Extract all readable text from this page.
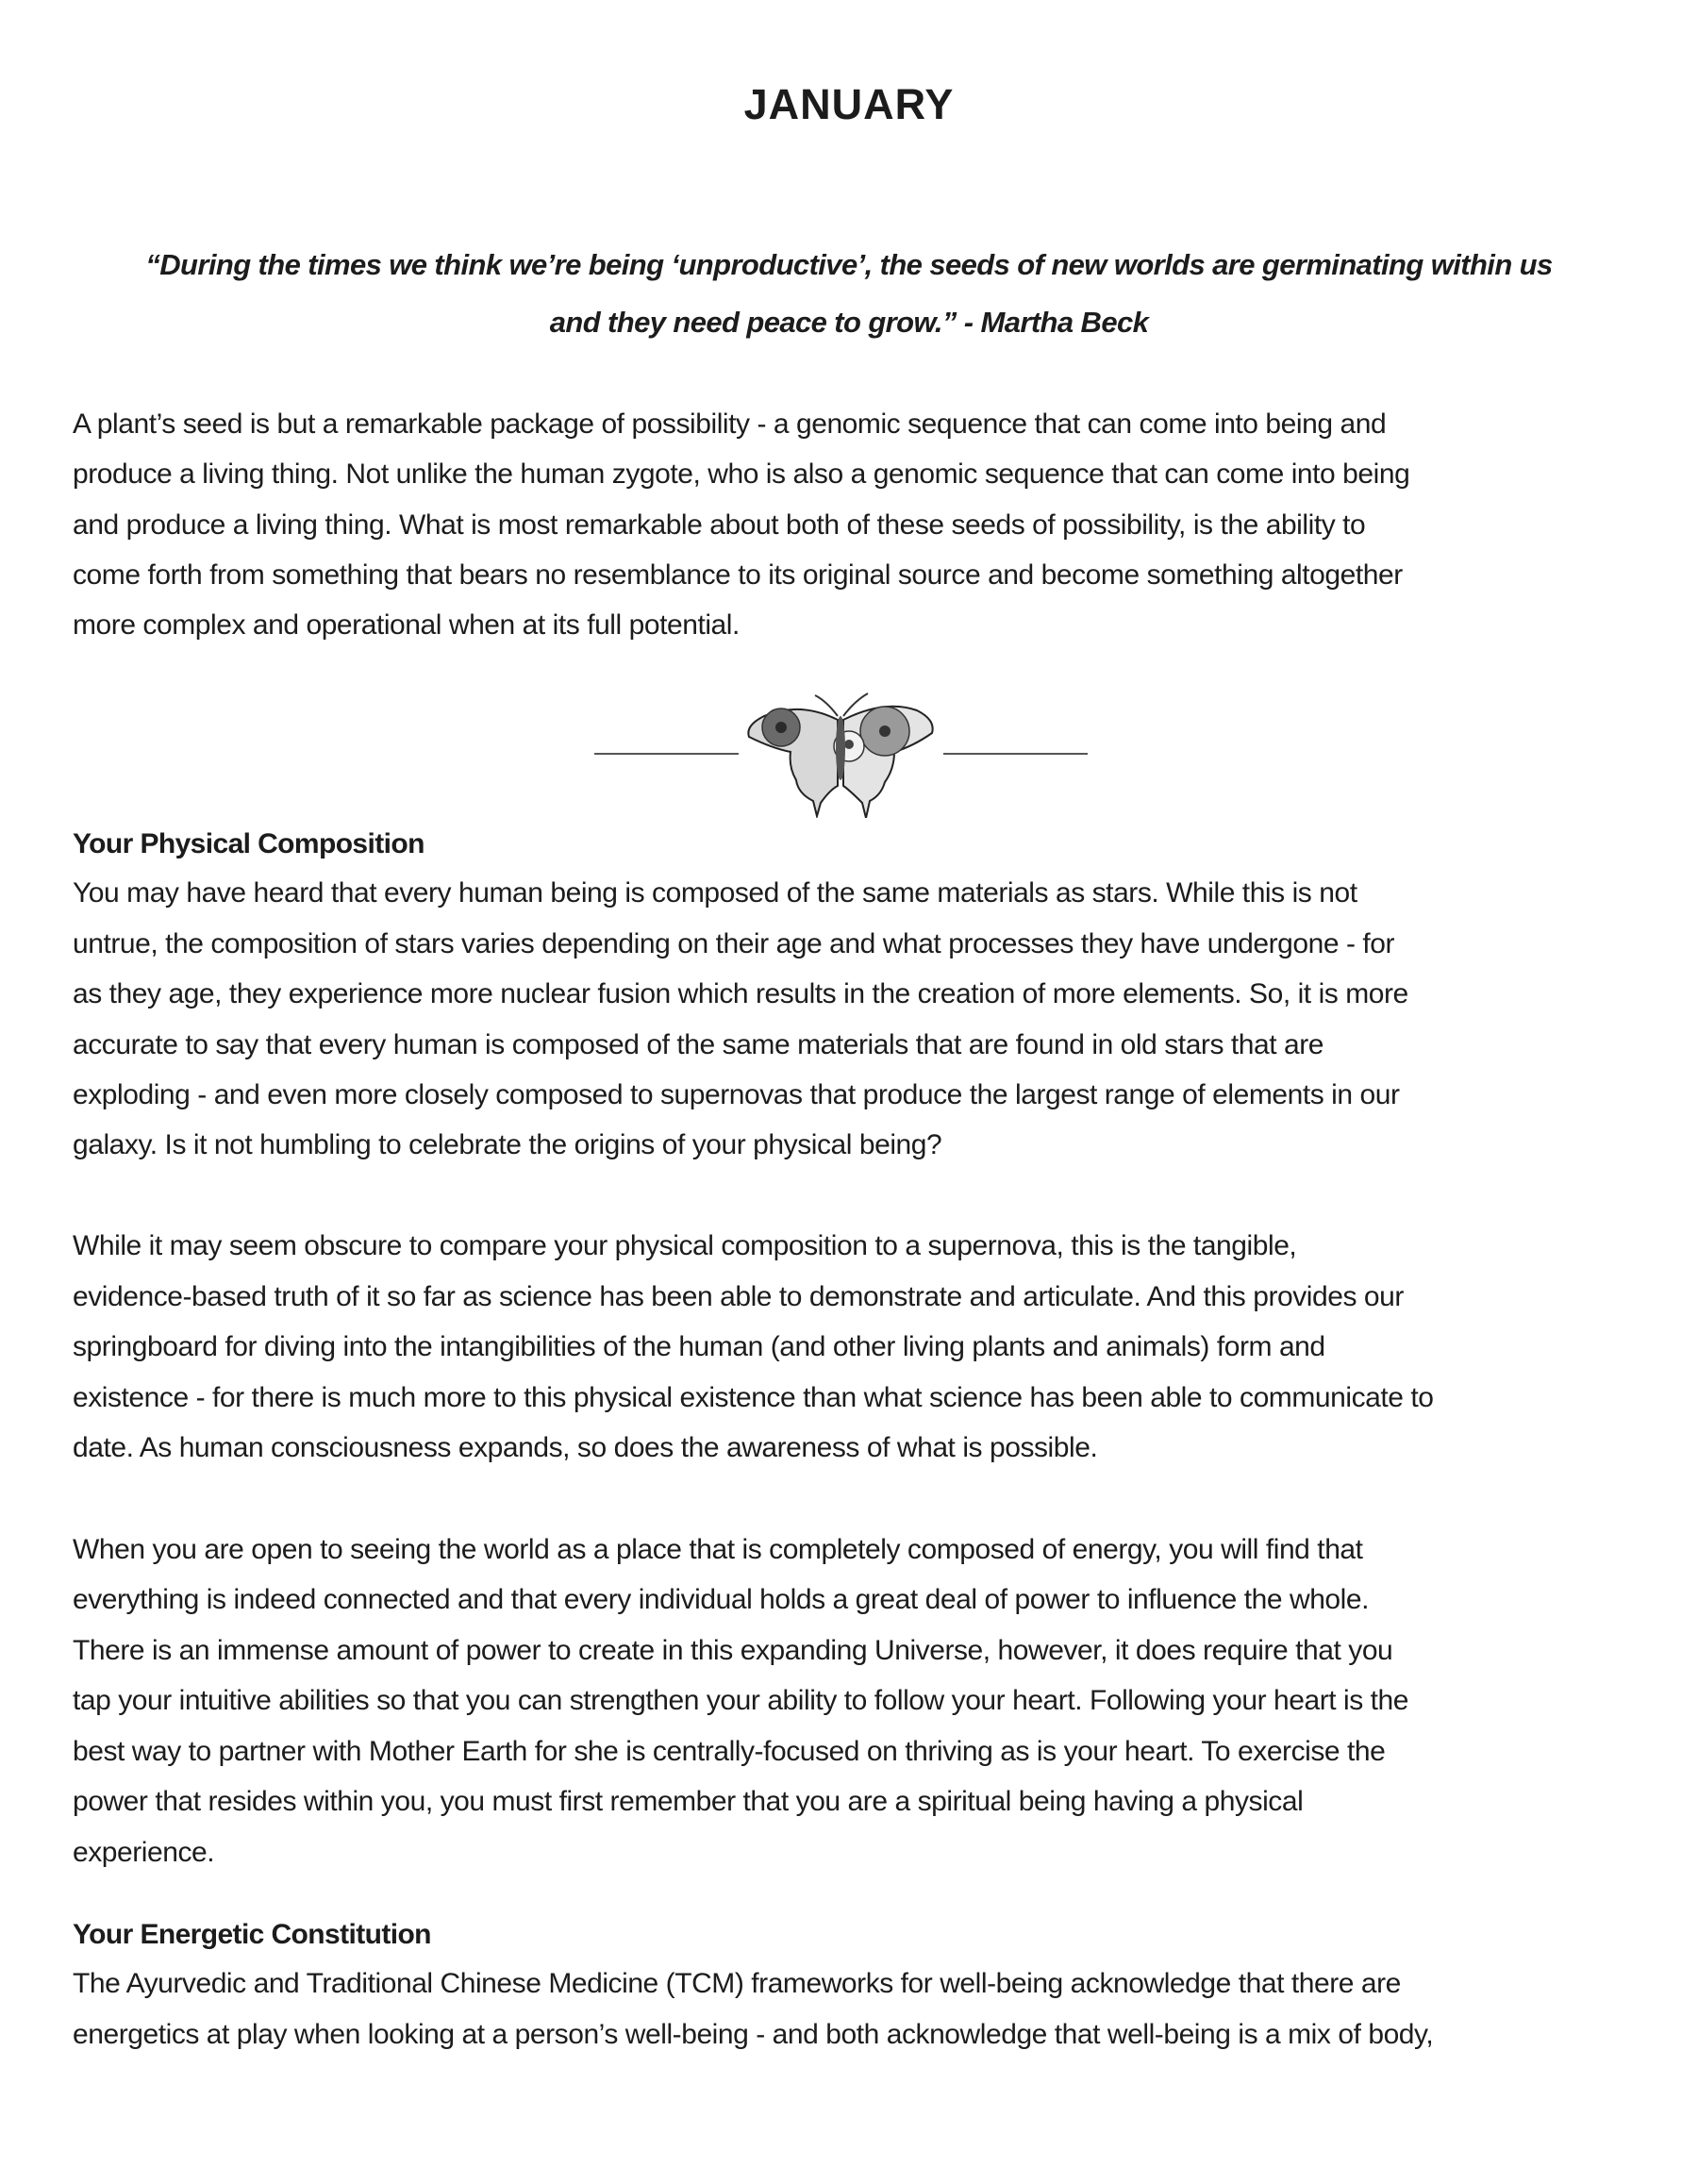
JANUARY
“During the times we think we’re being ‘unproductive’, the seeds of new worlds are germinating within us
and they need peace to grow.” - Martha Beck
A plant’s seed is but a remarkable package of possibility - a genomic sequence that can come into being and
produce a living thing. Not unlike the human zygote, who is also a genomic sequence that can come into being
and produce a living thing. What is most remarkable about both of these seeds of possibility, is the ability to
come forth from something that bears no resemblance to its original source and become something altogether
more complex and operational when at its full potential.
Your Physical Composition
You may have heard that every human being is composed of the same materials as stars. While this is not
untrue, the composition of stars varies depending on their age and what processes they have undergone - for
as they age, they experience more nuclear fusion which results in the creation of more elements. So, it is more
accurate to say that every human is composed of the same materials that are found in old stars that are
exploding - and even more closely composed to supernovas that produce the largest range of elements in our
galaxy. Is it not humbling to celebrate the origins of your physical being?
While it may seem obscure to compare your physical composition to a supernova, this is the tangible,
evidence-based truth of it so far as science has been able to demonstrate and articulate. And this provides our
springboard for diving into the intangibilities of the human (and other living plants and animals) form and
existence - for there is much more to this physical existence than what science has been able to communicate to
date. As human consciousness expands, so does the awareness of what is possible.
When you are open to seeing the world as a place that is completely composed of energy, you will find that
everything is indeed connected and that every individual holds a great deal of power to influence the whole.
There is an immense amount of power to create in this expanding Universe, however, it does require that you
tap your intuitive abilities so that you can strengthen your ability to follow your heart. Following your heart is the
best way to partner with Mother Earth for she is centrally-focused on thriving as is your heart. To exercise the
power that resides within you, you must first remember that you are a spiritual being having a physical
experience.
Your Energetic Constitution
The Ayurvedic and Traditional Chinese Medicine (TCM) frameworks for well-being acknowledge that there are
energetics at play when looking at a person’s well-being - and both acknowledge that well-being is a mix of body,
